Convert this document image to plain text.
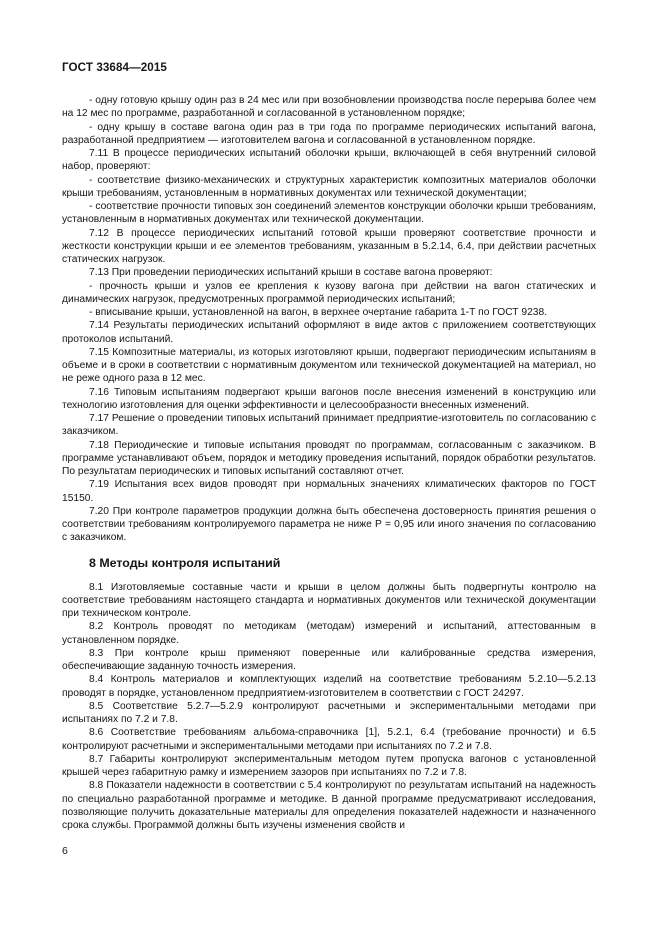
ГОСТ 33684—2015

- одну готовую крышу один раз в 24 мес или при возобновлении производства после перерыва более чем на 12 мес по программе, разработанной и согласованной в установленном порядке;

- одну крышу в составе вагона один раз в три года по программе периодических испытаний вагона, разработанной предприятием — изготовителем вагона и согласованной в установленном порядке.

7.11 В процессе периодических испытаний оболочки крыши, включающей в себя внутренний силовой набор, проверяют:

- соответствие физико-механических и структурных характеристик композитных материалов оболочки крыши требованиям, установленным в нормативных документах или технической документации;

- соответствие прочности типовых зон соединений элементов конструкции оболочки крыши требованиям, установленным в нормативных документах или технической документации.

7.12 В процессе периодических испытаний готовой крыши проверяют соответствие прочности и жесткости конструкции крыши и ее элементов требованиям, указанным в 5.2.14, 6.4, при действии расчетных статических нагрузок.

7.13 При проведении периодических испытаний крыши в составе вагона проверяют:

- прочность крыши и узлов ее крепления к кузову вагона при действии на вагон статических и динамических нагрузок, предусмотренных программой периодических испытаний;

- вписывание крыши, установленной на вагон, в верхнее очертание габарита 1-Т по ГОСТ 9238.

7.14 Результаты периодических испытаний оформляют в виде актов с приложением соответствующих протоколов испытаний.

7.15 Композитные материалы, из которых изготовляют крыши, подвергают периодическим испытаниям в объеме и в сроки в соответствии с нормативным документом или технической документацией на материал, но не реже одного раза в 12 мес.

7.16 Типовым испытаниям подвергают крыши вагонов после внесения изменений в конструкцию или технологию изготовления для оценки эффективности и целесообразности внесенных изменений.

7.17 Решение о проведении типовых испытаний принимает предприятие-изготовитель по согласованию с заказчиком.

7.18 Периодические и типовые испытания проводят по программам, согласованным с заказчиком. В программе устанавливают объем, порядок и методику проведения испытаний, порядок обработки результатов. По результатам периодических и типовых испытаний составляют отчет.

7.19 Испытания всех видов проводят при нормальных значениях климатических факторов по ГОСТ 15150.

7.20 При контроле параметров продукции должна быть обеспечена достоверность принятия решения о соответствии требованиям контролируемого параметра не ниже Р = 0,95 или иного значения по согласованию с заказчиком.

8 Методы контроля испытаний

8.1 Изготовляемые составные части и крыши в целом должны быть подвергнуты контролю на соответствие требованиям настоящего стандарта и нормативных документов или технической документации при техническом контроле.

8.2 Контроль проводят по методикам (методам) измерений и испытаний, аттестованным в установленном порядке.

8.3 При контроле крыш применяют поверенные или калиброванные средства измерения, обеспечивающие заданную точность измерения.

8.4 Контроль материалов и комплектующих изделий на соответствие требованиям 5.2.10—5.2.13 проводят в порядке, установленном предприятием-изготовителем в соответствии с ГОСТ 24297.

8.5 Соответствие 5.2.7—5.2.9 контролируют расчетными и экспериментальными методами при испытаниях по 7.2 и 7.8.

8.6 Соответствие требованиям альбома-справочника [1], 5.2.1, 6.4 (требование прочности) и 6.5 контролируют расчетными и экспериментальными методами при испытаниях по 7.2 и 7.8.

8.7 Габариты контролируют экспериментальным методом путем пропуска вагонов с установленной крышей через габаритную рамку и измерением зазоров при испытаниях по 7.2 и 7.8.

8.8 Показатели надежности в соответствии с 5.4 контролируют по результатам испытаний на надежность по специально разработанной программе и методике. В данной программе предусматривают исследования, позволяющие получить доказательные материалы для определения показателей надежности и назначенного срока службы. Программой должны быть изучены изменения свойств и

6
